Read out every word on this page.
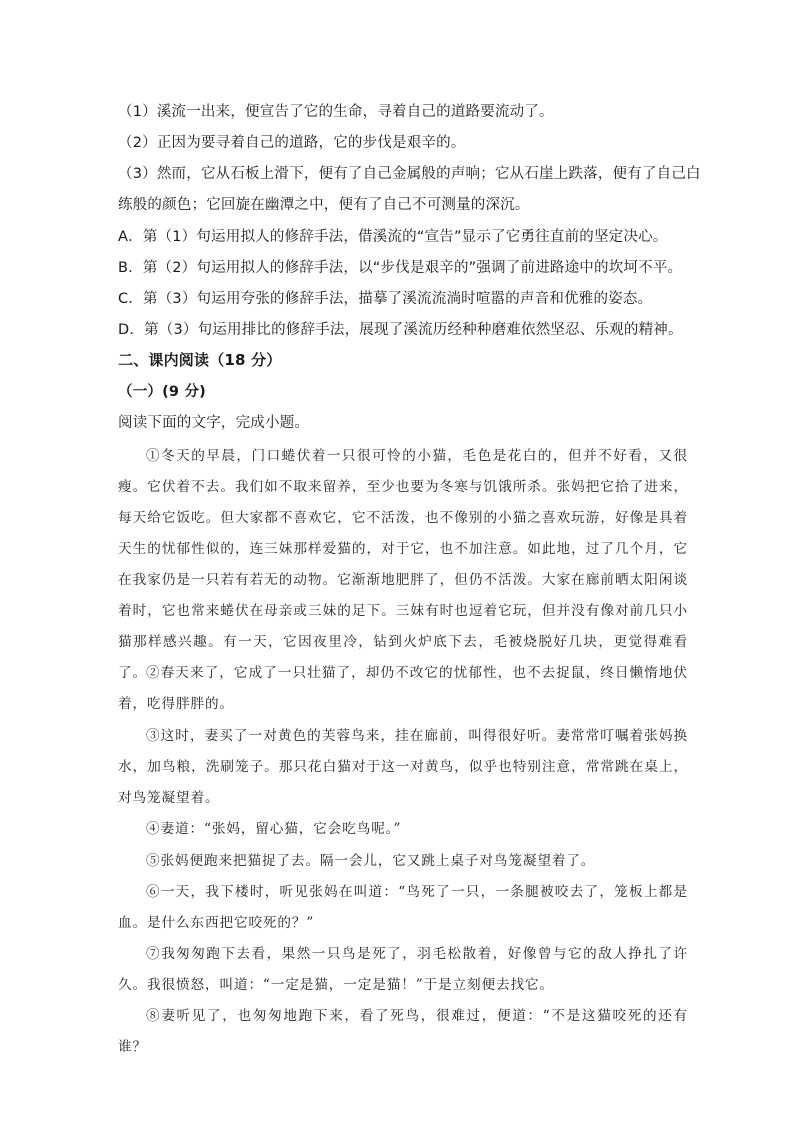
（1）溪流一出来，便宣告了它的生命，寻着自己的道路要流动了。
（2）正因为要寻着自己的道路，它的步伐是艰辛的。
（3）然而，它从石板上滑下，便有了自己金属般的声响；它从石崖上跌落，便有了自己白
练般的颜色；它回旋在幽潭之中，便有了自己不可测量的深沉。
A．第（1）句运用拟人的修辞手法，借溪流的“宣告”显示了它勇往直前的坚定决心。
B．第（2）句运用拟人的修辞手法，以“步伐是艰辛的”强调了前进路途中的坎坷不平。
C．第（3）句运用夸张的修辞手法，描摹了溪流流淌时喧嚣的声音和优雅的姿态。
D．第（3）句运用排比的修辞手法，展现了溪流历经种种磨难依然坚忍、乐观的精神。
二、课内阅读（18 分）
（一）(9 分)
阅读下面的文字，完成小题。

①冬天的早晨，门口蜷伏着一只很可怜的小猫，毛色是花白的，但并不好看，又很瘦。它伏着不去。我们如不取来留养，至少也要为冬寒与饥饿所杀。张妈把它拾了进来，每天给它饭吃。但大家都不喜欢它，它不活泼，也不像别的小猫之喜欢玩游，好像是具着天生的忧郁性似的，连三妹那样爱猫的，对于它，也不加注意。如此地，过了几个月，它在我家仍是一只若有若无的动物。它渐渐地肥胖了，但仍不活泼。大家在廊前晒太阳闲谈着时，它也常来蜷伏在母亲或三妹的足下。三妹有时也逗着它玩，但并没有像对前几只小猫那样感兴趣。有一天，它因夜里冷，钻到火炉底下去，毛被烧脱好几块，更觉得难看了。 ②春天来了，它成了一只壮猫了，却仍不改它的忧郁性，也不去捉鼠，终日懒惰地伏着，吃得胖胖的。

③这时，妻买了一对黄色的芙蓉鸟来，挂在廊前，叫得很好听。妻常常叮嘱着张妈换水，加鸟粮，洗刷笼子。那只花白猫对于这一对黄鸟，似乎也特别注意，常常跳在桌上，对鸟笼凝望着。

④妻道：“张妈，留心猫，它会吃鸟呢。”

⑤张妈便跑来把猫捉了去。隔一会儿，它又跳上桌子对鸟笼凝望着了。

⑥一天，我下楼时，听见张妈在叫道：“鸟死了一只，一条腿被咬去了，笼板上都是血。是什么东西把它咬死的？”

⑦我匆匆跑下去看，果然一只鸟是死了，羽毛松散着，好像曾与它的敌人挣扎了许久。我很愤怒，叫道：“一定是猫，一定是猫！”于是立刻便去找它。

⑧妻听见了，也匆匆地跑下来，看了死鸟，很难过，便道：“不是这猫咬死的还有谁？
